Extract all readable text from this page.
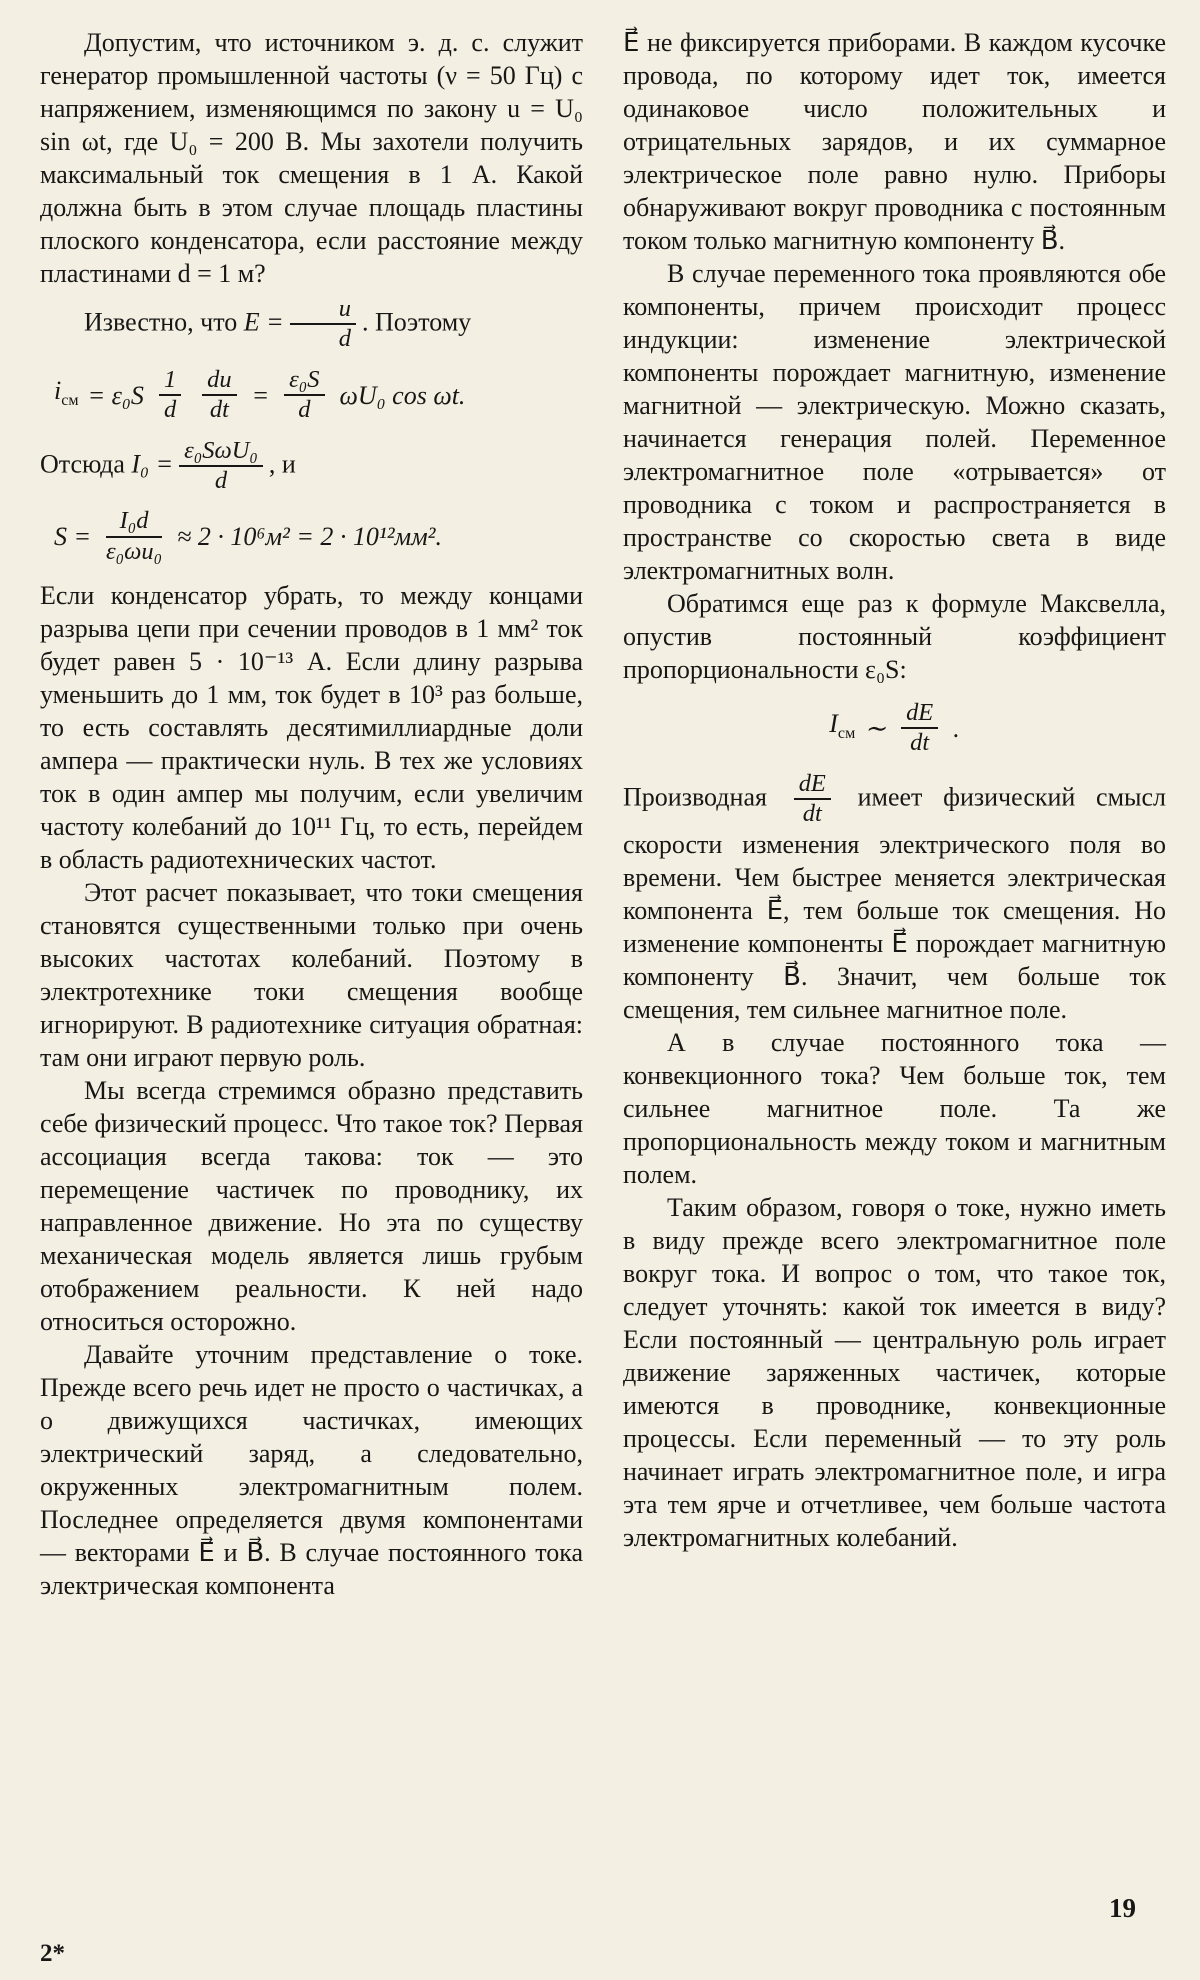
Допустим, что источником э. д. с. служит генератор промышленной частоты (ν = 50 Гц) с напряжением, изменяющимся по закону u = U₀ sin ωt, где U₀ = 200 В. Мы захотели получить максимальный ток смещения в 1 А. Какой должна быть в этом случае площадь пластины плоского конденсатора, если расстояние между пластинами d = 1 м?

Известно, что $E = \frac{u}{d}$ . Поэтому

$i_{см} = \varepsilon_0S \frac{1}{d} \frac{du}{dt} = \frac{\text{ε₀S}}{d} \omega U_0$ cos ωt.

Отсюда $I_0 = \frac{\text{ε₀SωU₀}}{d}$ , и

$S = \frac{\text{I₀d}}{\text{ε₀ωu₀}} \approx 2 \cdot 10^6м^2 = 2 \cdot 10^{12}мм^2$.

Если конденсатор убрать, то между концами разрыва цепи при сечении проводов в 1 мм² ток будет равен 5 · 10⁻¹³ А. Если длину разрыва уменьшить до 1 мм, ток будет в 10³ раз больше, то есть составлять десятимиллиардные доли ампера — практически нуль. В тех же условиях ток в один ампер мы получим, если увеличим частоту колебаний до 10¹¹ Гц, то есть, перейдем в область радиотехнических частот.

Этот расчет показывает, что токи смещения становятся существенными только при очень высоких частотах колебаний. Поэтому в электротехнике токи смещения вообще игнорируют. В радиотехнике ситуация обратная: там они играют первую роль.

Мы всегда стремимся образно представить себе физический процесс. Что такое ток? Первая ассоциация всегда такова: ток — это перемещение частичек по проводнику, их направленное движение. Но эта по существу механическая модель является лишь грубым отображением реальности. К ней надо относиться осторожно.

Давайте уточним представление о токе. Прежде всего речь идет не просто о частичках, а о движущихся частичках, имеющих электрический заряд, а следовательно, окруженных электромагнитным полем. Последнее определяется двумя компонентами — векторами E⃗ и B⃗. В случае постоянного тока электрическая компонента

E⃗ не фиксируется приборами. В каждом кусочке провода, по которому идет ток, имеется одинаковое число положительных и отрицательных зарядов, и их суммарное электрическое поле равно нулю. Приборы обнаруживают вокруг проводника с постоянным током только магнитную компоненту B⃗.

В случае переменного тока проявляются обе компоненты, причем происходит процесс индукции: изменение электрической компоненты порождает магнитную, изменение магнитной — электрическую. Можно сказать, начинается генерация полей. Переменное электромагнитное поле «отрывается» от проводника с током и распространяется в пространстве со скоростью света в виде электромагнитных волн.

Обратимся еще раз к формуле Максвелла, опустив постоянный коэффициент пропорциональности ε₀S:

$I_{см}$ ∼ $\frac{dE}{dt}$ .

Производная $\frac{dE}{dt}$ имеет физический смысл скорости изменения электрического поля во времени. Чем быстрее меняется электрическая компонента E⃗, тем больше ток смещения. Но изменение компоненты E⃗ порождает магнитную компоненту B⃗. Значит, чем больше ток смещения, тем сильнее магнитное поле.

А в случае постоянного тока — конвекционного тока? Чем больше ток, тем сильнее магнитное поле. Та же пропорциональность между током и магнитным полем.

Таким образом, говоря о токе, нужно иметь в виду прежде всего электромагнитное поле вокруг тока. И вопрос о том, что такое ток, следует уточнять: какой ток имеется в виду? Если постоянный — центральную роль играет движение заряженных частичек, которые имеются в проводнике, конвекционные процессы. Если переменный — то эту роль начинает играть электромагнитное поле, и игра эта тем ярче и отчетливее, чем больше частота электромагнитных колебаний.

2*
19
